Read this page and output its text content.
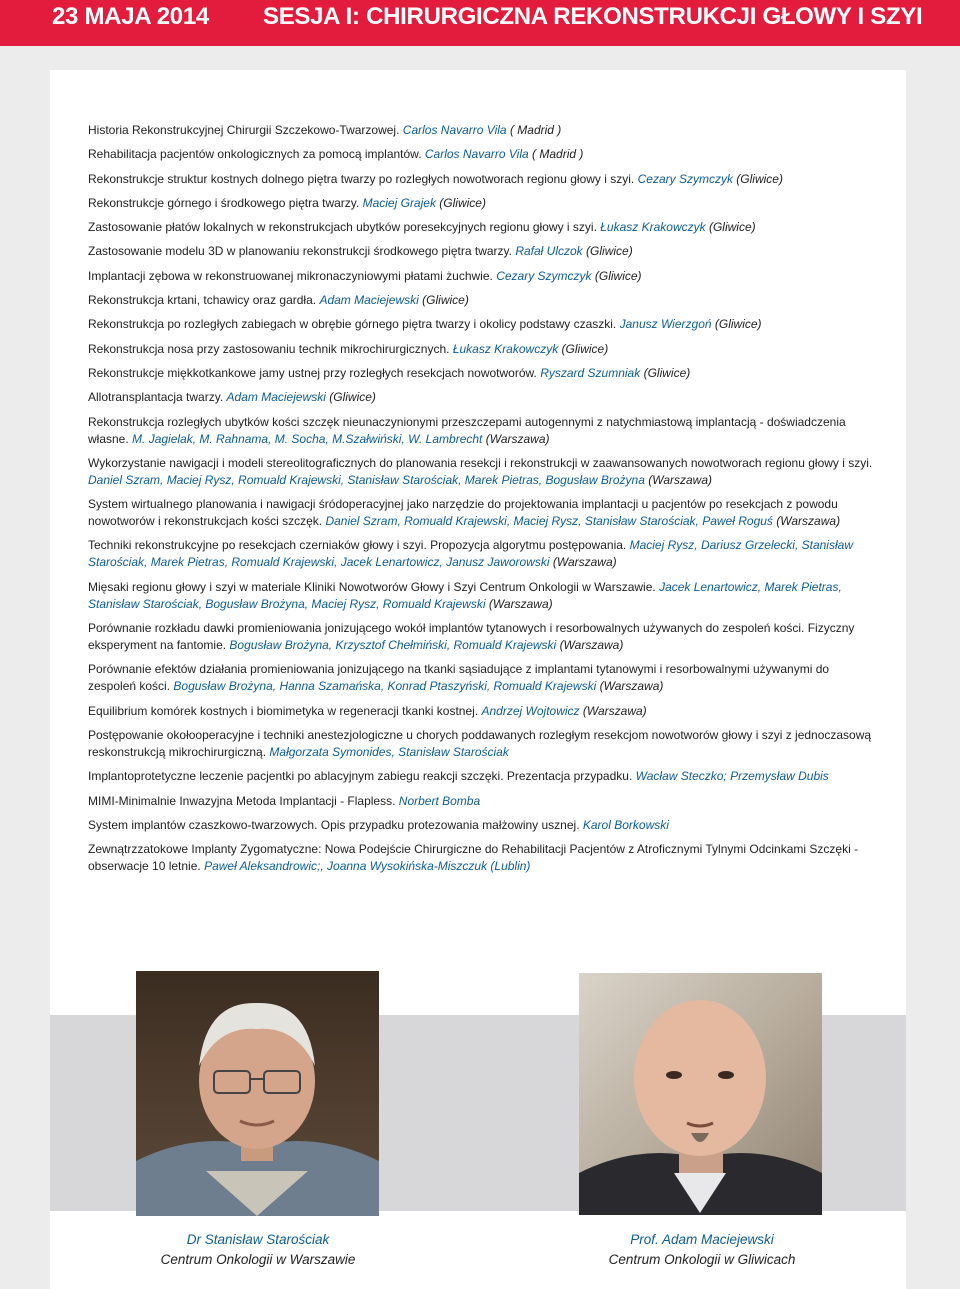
23 MAJA 2014 SESJA I: CHIRURGICZNA REKONSTRUKCJI GŁOWY I SZYI
Historia Rekonstrukcyjnej Chirurgii Szczekowo-Twarzowej. Carlos Navarro Vila ( Madrid )
Rehabilitacja pacjentów onkologicznych za pomocą implantów. Carlos Navarro Vila ( Madrid )
Rekonstrukcje struktur kostnych dolnego piętra twarzy po rozległych nowotworach regionu głowy i szyi. Cezary Szymczyk (Gliwice)
Rekonstrukcje górnego i środkowego piętra twarzy. Maciej Grajek (Gliwice)
Zastosowanie płatów lokalnych w rekonstrukcjach ubytków poresekcyjnych regionu głowy i szyi. Łukasz Krakowczyk (Gliwice)
Zastosowanie modelu 3D w planowaniu rekonstrukcji środkowego piętra twarzy. Rafał Ulczok (Gliwice)
Implantacji zębowa w rekonstruowanej mikronaczyniowymi płatami żuchwie. Cezary Szymczyk (Gliwice)
Rekonstrukcja krtani, tchawicy oraz gardła. Adam Maciejewski (Gliwice)
Rekonstrukcja po rozległych zabiegach w obrębie górnego piętra twarzy i okolicy podstawy czaszki. Janusz Wierzgoń (Gliwice)
Rekonstrukcja nosa przy zastosowaniu technik mikrochirurgicznych. Łukasz Krakowczyk (Gliwice)
Rekonstrukcje miękkotkankowe jamy ustnej przy rozległych resekcjach nowotworów. Ryszard Szumniak (Gliwice)
Allotransplantacja twarzy. Adam Maciejewski (Gliwice)
Rekonstrukcja rozległych ubytków kości szczęk nieunaczynionymi przeszczepami autogennymi z natychmiastową implantacją - doświadczenia własne. M. Jagielak, M. Rahnama, M. Socha, M.Szałwiński, W. Lambrecht (Warszawa)
Wykorzystanie nawigacji i modeli stereolitograficznych do planowania resekcji i rekonstrukcji w zaawansowanych nowotworach regionu głowy i szyi. Daniel Szram, Maciej Rysz, Romuald Krajewski, Stanisław Starościak, Marek Pietras, Bogusław Brożyna (Warszawa)
System wirtualnego planowania i nawigacji śródoperacyjnej jako narzędzie do projektowania implantacji u pacjentów po resekcjach z powodu nowotworów i rekonstrukcjach kości szczęk. Daniel Szram, Romuald Krajewski, Maciej Rysz, Stanisław Starościak, Paweł Roguś (Warszawa)
Techniki rekonstrukcyjne po resekcjach czerniaków głowy i szyi. Propozycja algorytmu postępowania. Maciej Rysz, Dariusz Grzelecki, Stanisław Starościak, Marek Pietras, Romuald Krajewski, Jacek Lenartowicz, Janusz Jaworowski (Warszawa)
Mięsaki regionu głowy i szyi w materiale Kliniki Nowotworów Głowy i Szyi Centrum Onkologii w Warszawie. Jacek Lenartowicz, Marek Pietras, Stanisław Starościak, Bogusław Brożyna, Maciej Rysz, Romuald Krajewski (Warszawa)
Porównanie rozkładu dawki promieniowania jonizującego wokół implantów tytanowych i resorbowalnych używanych do zespoleń kości. Fizyczny eksperyment na fantomie. Bogusław Brożyna, Krzysztof Chełmiński, Romuald Krajewski (Warszawa)
Porównanie efektów działania promieniowania jonizującego na tkanki sąsiadujące z implantami tytanowymi i resorbowalnymi używanymi do zespoleń kości. Bogusław Brożyna, Hanna Szamańska, Konrad Ptaszyński, Romuald Krajewski (Warszawa)
Equilibrium komórek kostnych i biomimetyka w regeneracji tkanki kostnej. Andrzej Wojtowicz (Warszawa)
Postępowanie okołooperacyjne i techniki anestezjologiczne u chorych poddawanych rozległym resekcjom nowotworów głowy i szyi z jednoczasową reskonstrukcją mikrochirurgiczną. Małgorzata Symonides, Stanisław Starościak
Implantoprotetyczne leczenie pacjentki po ablacyjnym zabiegu reakcji szczęki. Prezentacja przypadku. Wacław Steczko; Przemysław Dubis
MIMI-Minimalnie Inwazyjna Metoda Implantacji - Flapless. Norbert Bomba
System implantów czaszkowo-twarzowych. Opis przypadku protezowania małżowiny usznej. Karol Borkowski
Zewnątrzzatokowe Implanty Zygomatyczne: Nowa Podejście Chirurgiczne do Rehabilitacji Pacjentów z Atroficznymi Tylnymi Odcinkami Szczęki - obserwacje 10 letnie. Paweł Aleksandrowic;, Joanna Wysokińska-Miszczuk (Lublin)
Dr Stanisław Starościak
Centrum Onkologii w Warszawie
Prof. Adam Maciejewski
Centrum Onkologii w Gliwicach
